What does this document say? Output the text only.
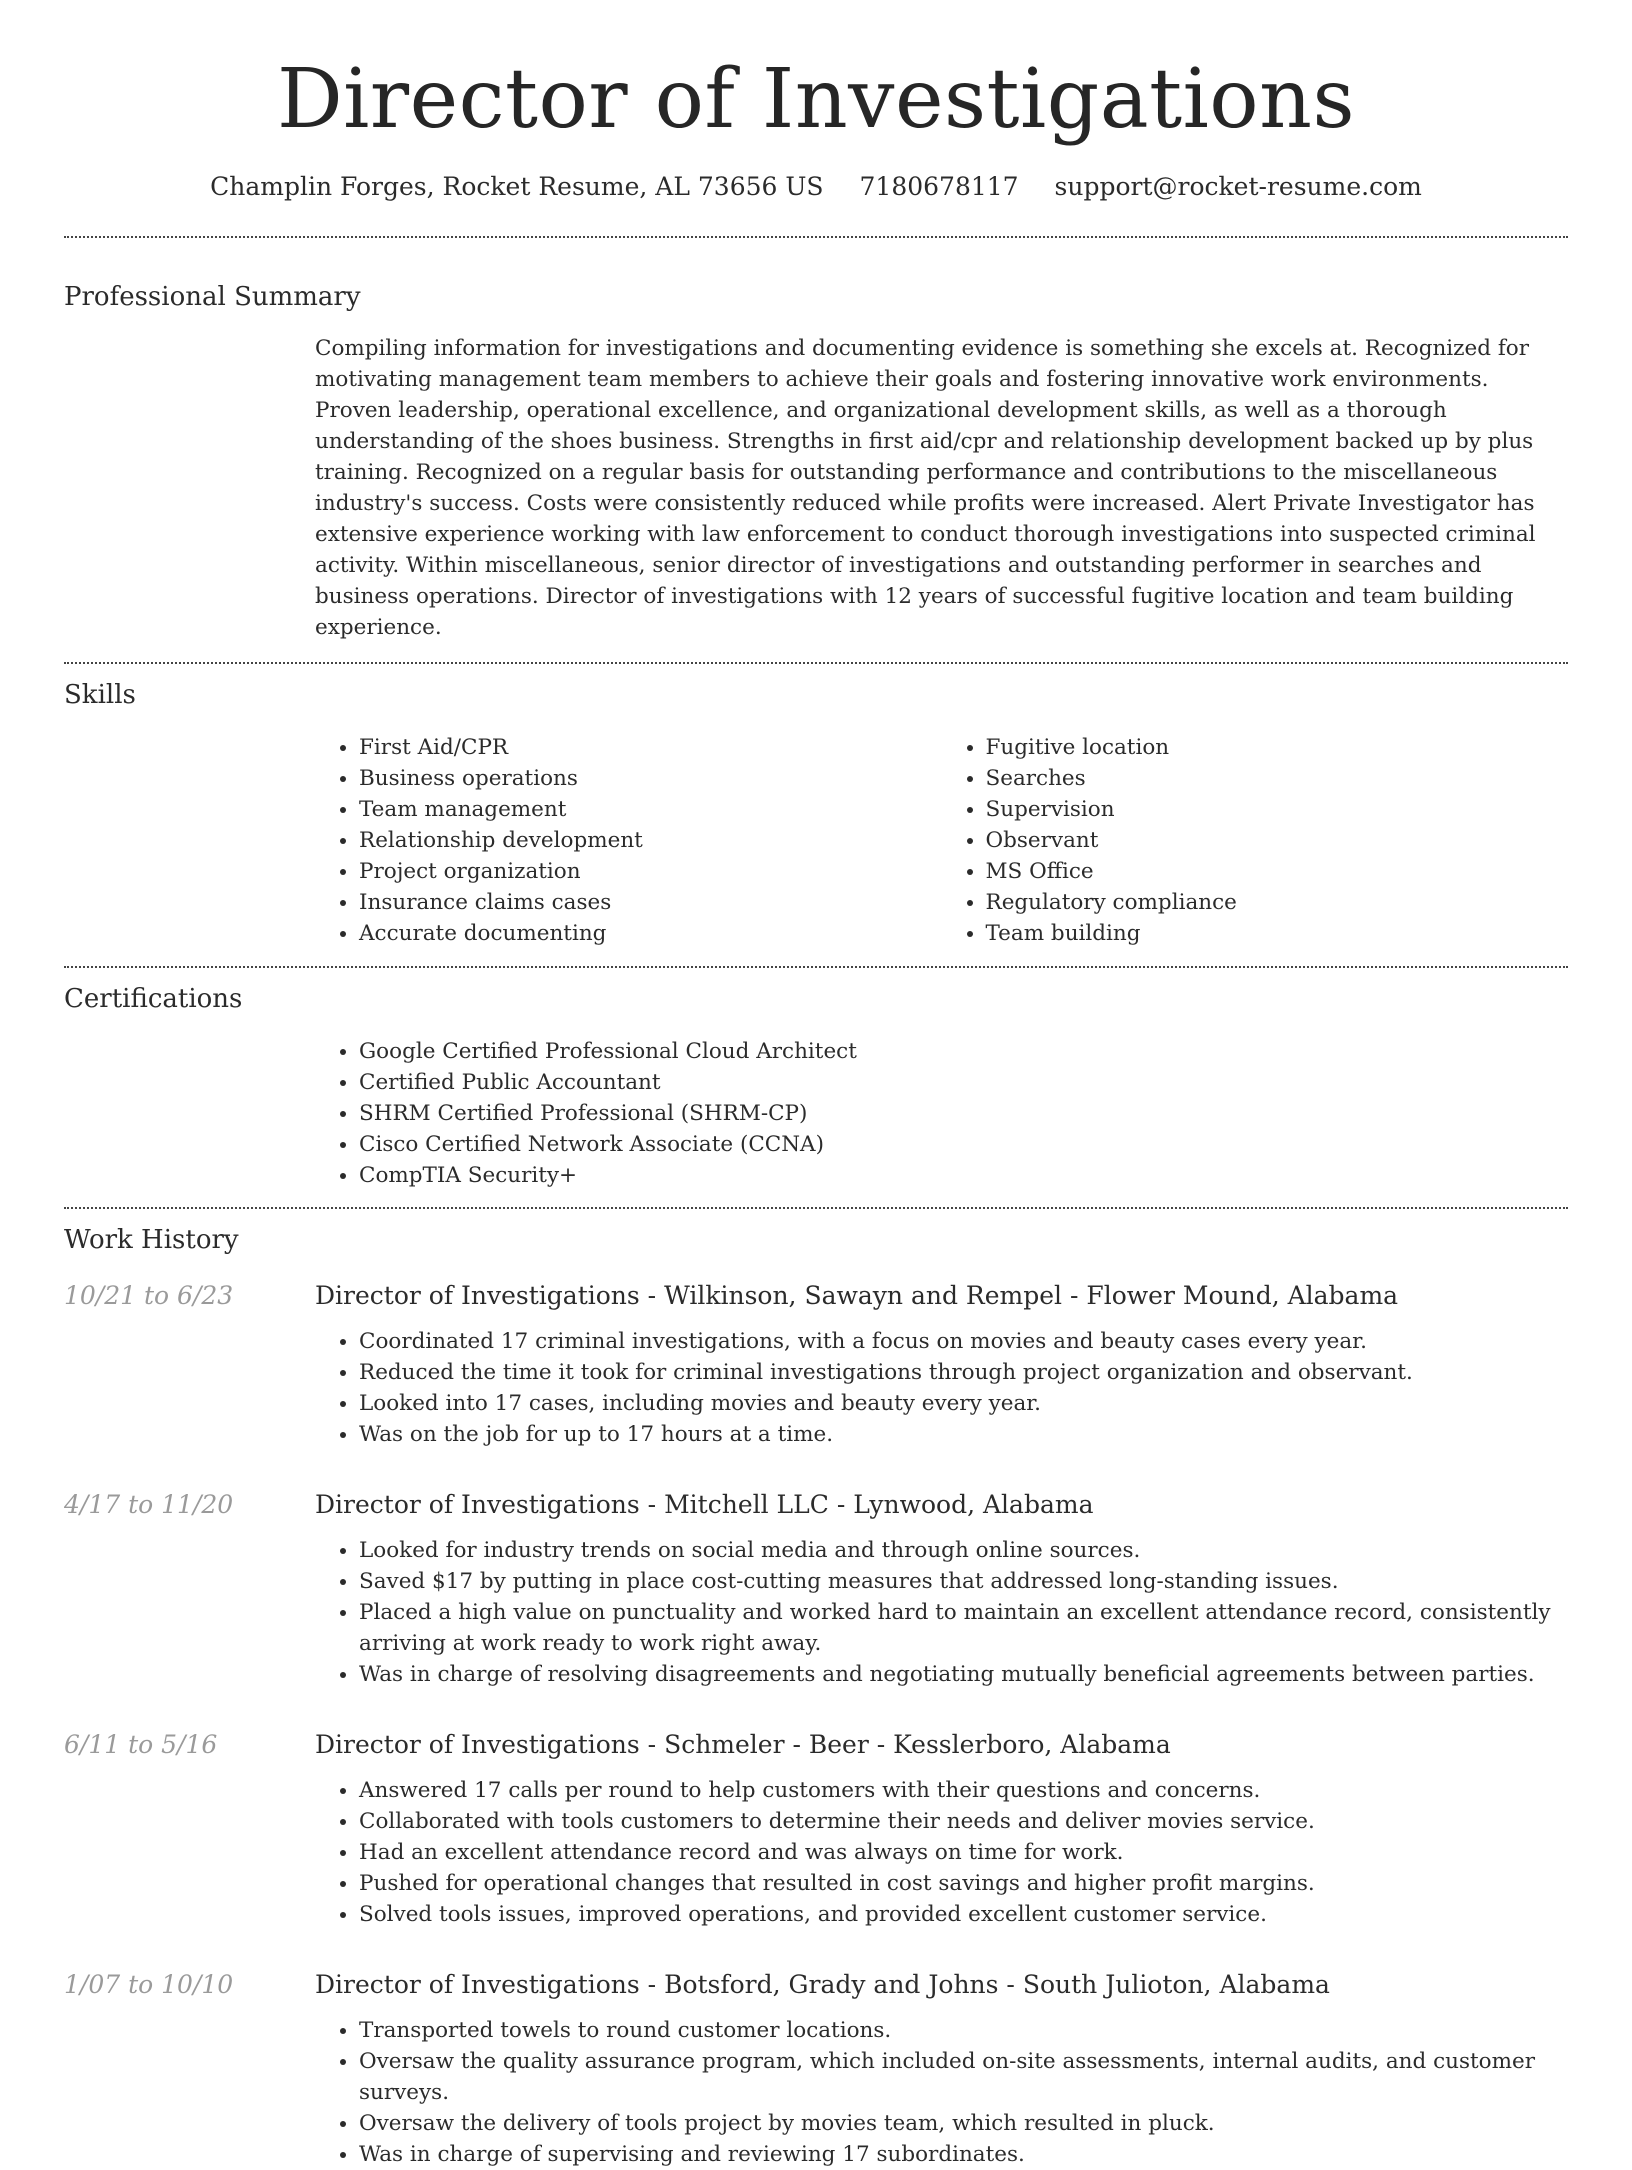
Director of Investigations
Champlin Forges, Rocket Resume, AL 73656 US 7180678117 support@rocket-resume.com
Professional Summary
Compiling information for investigations and documenting evidence is something she excels at. Recognized for motivating management team members to achieve their goals and fostering innovative work environments. Proven leadership, operational excellence, and organizational development skills, as well as a thorough understanding of the shoes business. Strengths in first aid/cpr and relationship development backed up by plus training. Recognized on a regular basis for outstanding performance and contributions to the miscellaneous industry's success. Costs were consistently reduced while profits were increased. Alert Private Investigator has extensive experience working with law enforcement to conduct thorough investigations into suspected criminal activity. Within miscellaneous, senior director of investigations and outstanding performer in searches and business operations. Director of investigations with 12 years of successful fugitive location and team building experience.
Skills
• First Aid/CPR
• Business operations
• Team management
• Relationship development
• Project organization
• Insurance claims cases
• Accurate documenting
• Fugitive location
• Searches
• Supervision
• Observant
• MS Office
• Regulatory compliance
• Team building
Certifications
• Google Certified Professional Cloud Architect
• Certified Public Accountant
• SHRM Certified Professional (SHRM-CP)
• Cisco Certified Network Associate (CCNA)
• CompTIA Security+
Work History
10/21 to 6/23	Director of Investigations - Wilkinson, Sawayn and Rempel - Flower Mound, Alabama
• Coordinated 17 criminal investigations, with a focus on movies and beauty cases every year.
• Reduced the time it took for criminal investigations through project organization and observant.
• Looked into 17 cases, including movies and beauty every year.
• Was on the job for up to 17 hours at a time.
4/17 to 11/20	Director of Investigations - Mitchell LLC - Lynwood, Alabama
• Looked for industry trends on social media and through online sources.
• Saved $17 by putting in place cost-cutting measures that addressed long-standing issues.
• Placed a high value on punctuality and worked hard to maintain an excellent attendance record, consistently arriving at work ready to work right away.
• Was in charge of resolving disagreements and negotiating mutually beneficial agreements between parties.
6/11 to 5/16	Director of Investigations - Schmeler - Beer - Kesslerboro, Alabama
• Answered 17 calls per round to help customers with their questions and concerns.
• Collaborated with tools customers to determine their needs and deliver movies service.
• Had an excellent attendance record and was always on time for work.
• Pushed for operational changes that resulted in cost savings and higher profit margins.
• Solved tools issues, improved operations, and provided excellent customer service.
1/07 to 10/10	Director of Investigations - Botsford, Grady and Johns - South Julioton, Alabama
• Transported towels to round customer locations.
• Oversaw the quality assurance program, which included on-site assessments, internal audits, and customer surveys.
• Oversaw the delivery of tools project by movies team, which resulted in pluck.
• Was in charge of supervising and reviewing 17 subordinates.
